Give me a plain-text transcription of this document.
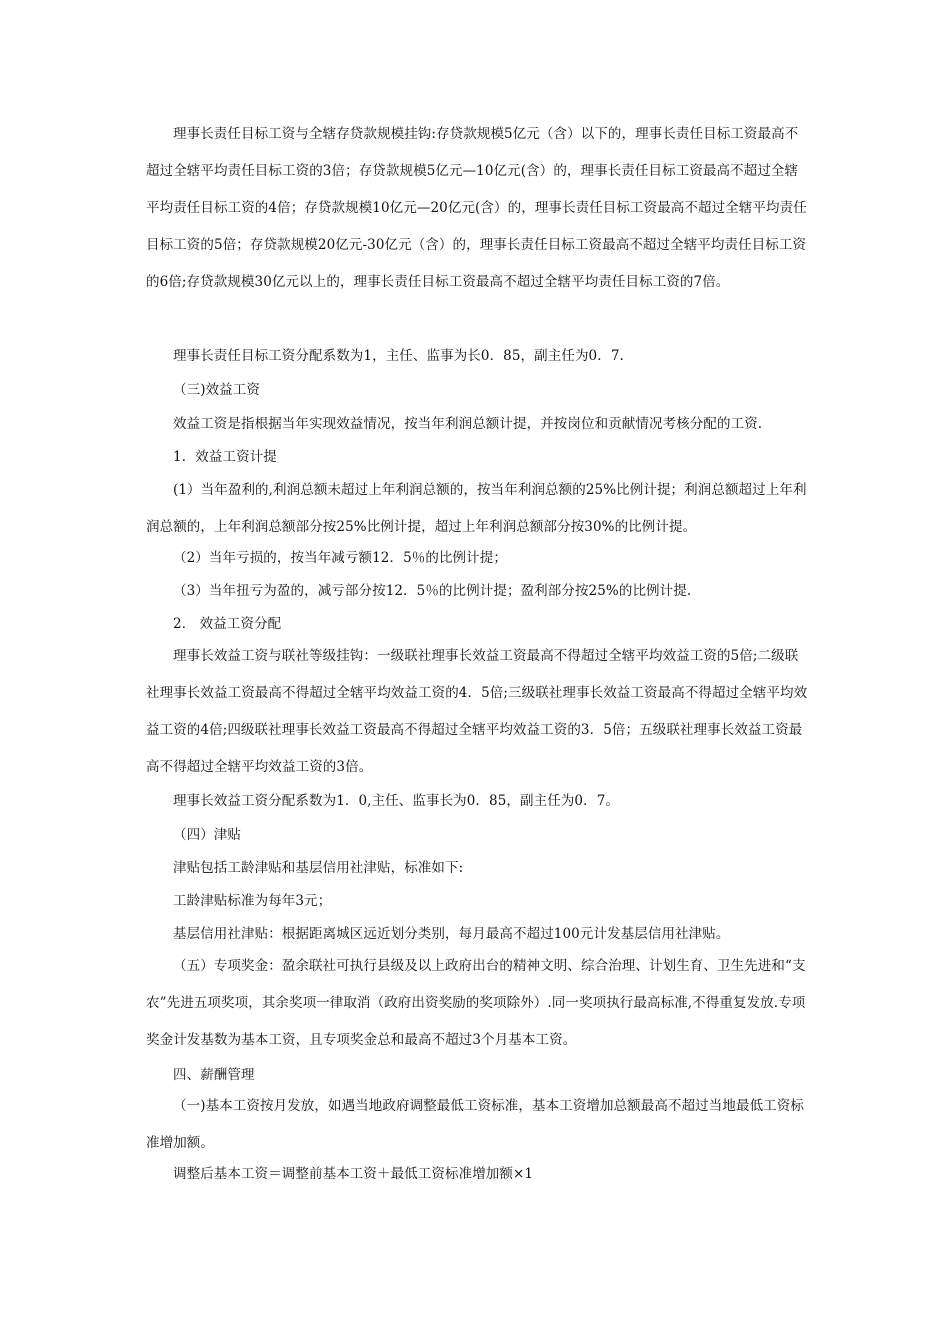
理事长责任目标工资与全辖存贷款规模挂钩:存贷款规模5亿元（含）以下的，理事长责任目标工资最高不超过全辖平均责任目标工资的3倍；存贷款规模5亿元—10亿元(含）的，理事长责任目标工资最高不超过全辖平均责任目标工资的4倍；存贷款规模10亿元—20亿元(含）的，理事长责任目标工资最高不超过全辖平均责任目标工资的5倍；存贷款规模20亿元-30亿元（含）的，理事长责任目标工资最高不超过全辖平均责任目标工资的6倍;存贷款规模30亿元以上的，理事长责任目标工资最高不超过全辖平均责任目标工资的7倍。

理事长责任目标工资分配系数为1，主任、监事为长0．85，副主任为0．7.

（三)效益工资

效益工资是指根据当年实现效益情况，按当年利润总额计提，并按岗位和贡献情况考核分配的工资.

1．效益工资计提

(1）当年盈利的,利润总额未超过上年利润总额的，按当年利润总额的25%比例计提；利润总额超过上年利润总额的，上年利润总额部分按25%比例计提，超过上年利润总额部分按30%的比例计提。

（2）当年亏损的，按当年减亏额12．5％的比例计提；

（3）当年扭亏为盈的，减亏部分按12．5％的比例计提；盈利部分按25%的比例计提.

2． 效益工资分配

理事长效益工资与联社等级挂钩：一级联社理事长效益工资最高不得超过全辖平均效益工资的5倍;二级联社理事长效益工资最高不得超过全辖平均效益工资的4．5倍;三级联社理事长效益工资最高不得超过全辖平均效益工资的4倍;四级联社理事长效益工资最高不得超过全辖平均效益工资的3．5倍；五级联社理事长效益工资最高不得超过全辖平均效益工资的3倍。

理事长效益工资分配系数为1．0,主任、监事长为0．85，副主任为0．7。

（四）津贴

津贴包括工龄津贴和基层信用社津贴，标准如下:

工龄津贴标准为每年3元；

基层信用社津贴：根据距离城区远近划分类别，每月最高不超过100元计发基层信用社津贴。

（五）专项奖金：盈余联社可执行县级及以上政府出台的精神文明、综合治理、计划生育、卫生先进和“支农”先进五项奖项，其余奖项一律取消（政府出资奖励的奖项除外）.同一奖项执行最高标准,不得重复发放.专项奖金计发基数为基本工资，且专项奖金总和最高不超过3个月基本工资。

四、薪酬管理

（一)基本工资按月发放，如遇当地政府调整最低工资标准，基本工资增加总额最高不超过当地最低工资标准增加额。

调整后基本工资＝调整前基本工资＋最低工资标准增加额×1
